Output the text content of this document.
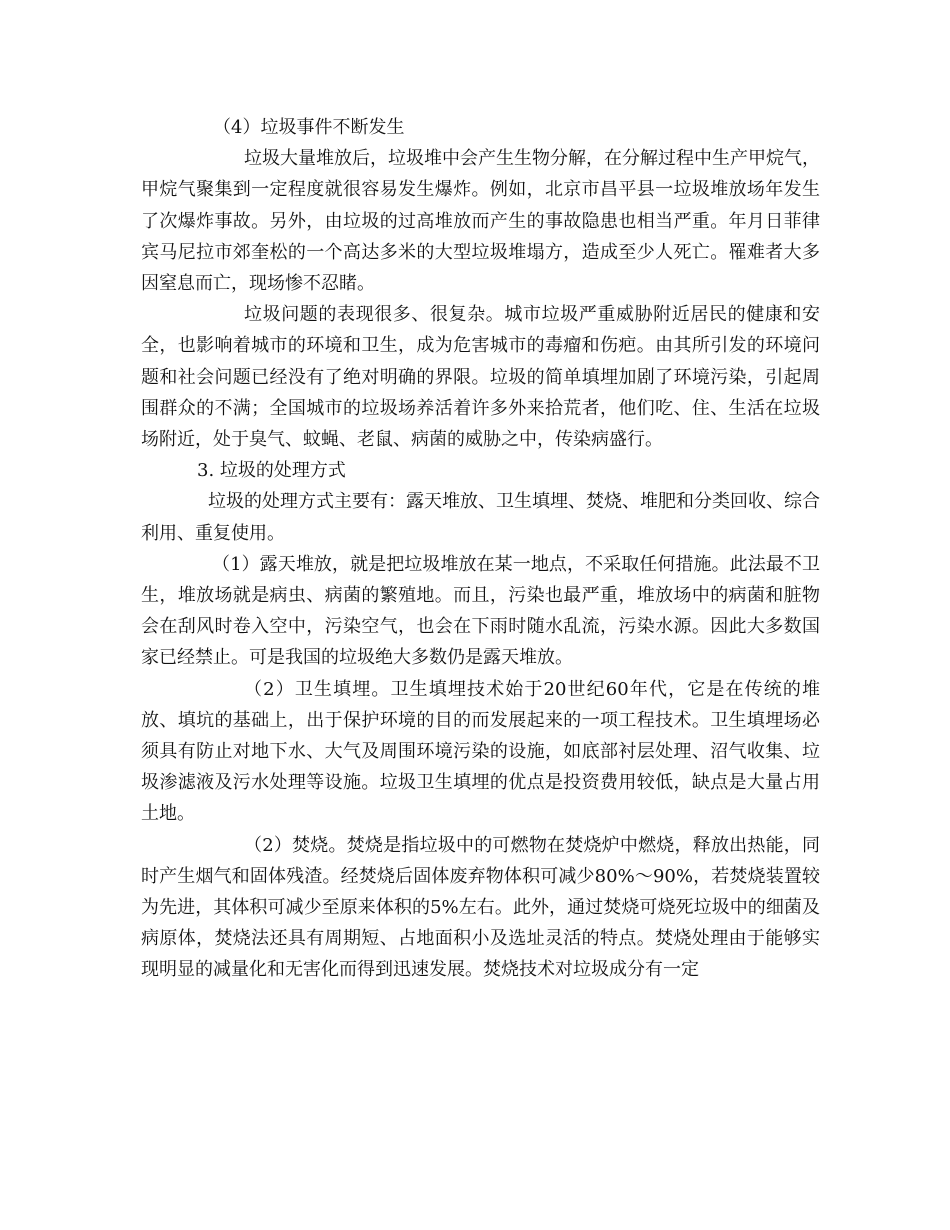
（4）垃圾事件不断发生

垃圾大量堆放后，垃圾堆中会产生生物分解，在分解过程中生产甲烷气，甲烷气聚集到一定程度就很容易发生爆炸。例如，北京市昌平县一垃圾堆放场年发生了次爆炸事故。另外，由垃圾的过高堆放而产生的事故隐患也相当严重。年月日菲律宾马尼拉市郊奎松的一个高达多米的大型垃圾堆塌方，造成至少人死亡。罹难者大多因窒息而亡，现场惨不忍睹。

垃圾问题的表现很多、很复杂。城市垃圾严重威胁附近居民的健康和安全，也影响着城市的环境和卫生，成为危害城市的毒瘤和伤疤。由其所引发的环境问题和社会问题已经没有了绝对明确的界限。垃圾的简单填埋加剧了环境污染，引起周围群众的不满；全国城市的垃圾场养活着许多外来拾荒者，他们吃、住、生活在垃圾场附近，处于臭气、蚊蝇、老鼠、病菌的威胁之中，传染病盛行。

3. 垃圾的处理方式

垃圾的处理方式主要有：露天堆放、卫生填埋、焚烧、堆肥和分类回收、综合利用、重复使用。

（1）露天堆放，就是把垃圾堆放在某一地点，不采取任何措施。此法最不卫生，堆放场就是病虫、病菌的繁殖地。而且，污染也最严重，堆放场中的病菌和脏物会在刮风时卷入空中，污染空气，也会在下雨时随水乱流，污染水源。因此大多数国家已经禁止。可是我国的垃圾绝大多数仍是露天堆放。

（2）卫生填埋。卫生填埋技术始于20世纪60年代，它是在传统的堆放、填坑的基础上，出于保护环境的目的而发展起来的一项工程技术。卫生填埋场必须具有防止对地下水、大气及周围环境污染的设施，如底部衬层处理、沼气收集、垃圾渗滤液及污水处理等设施。垃圾卫生填埋的优点是投资费用较低，缺点是大量占用土地。

（2）焚烧。焚烧是指垃圾中的可燃物在焚烧炉中燃烧，释放出热能，同时产生烟气和固体残渣。经焚烧后固体废弃物体积可减少80%～90%，若焚烧装置较为先进，其体积可减少至原来体积的5%左右。此外，通过焚烧可烧死垃圾中的细菌及病原体，焚烧法还具有周期短、占地面积小及选址灵活的特点。焚烧处理由于能够实现明显的减量化和无害化而得到迅速发展。焚烧技术对垃圾成分有一定
